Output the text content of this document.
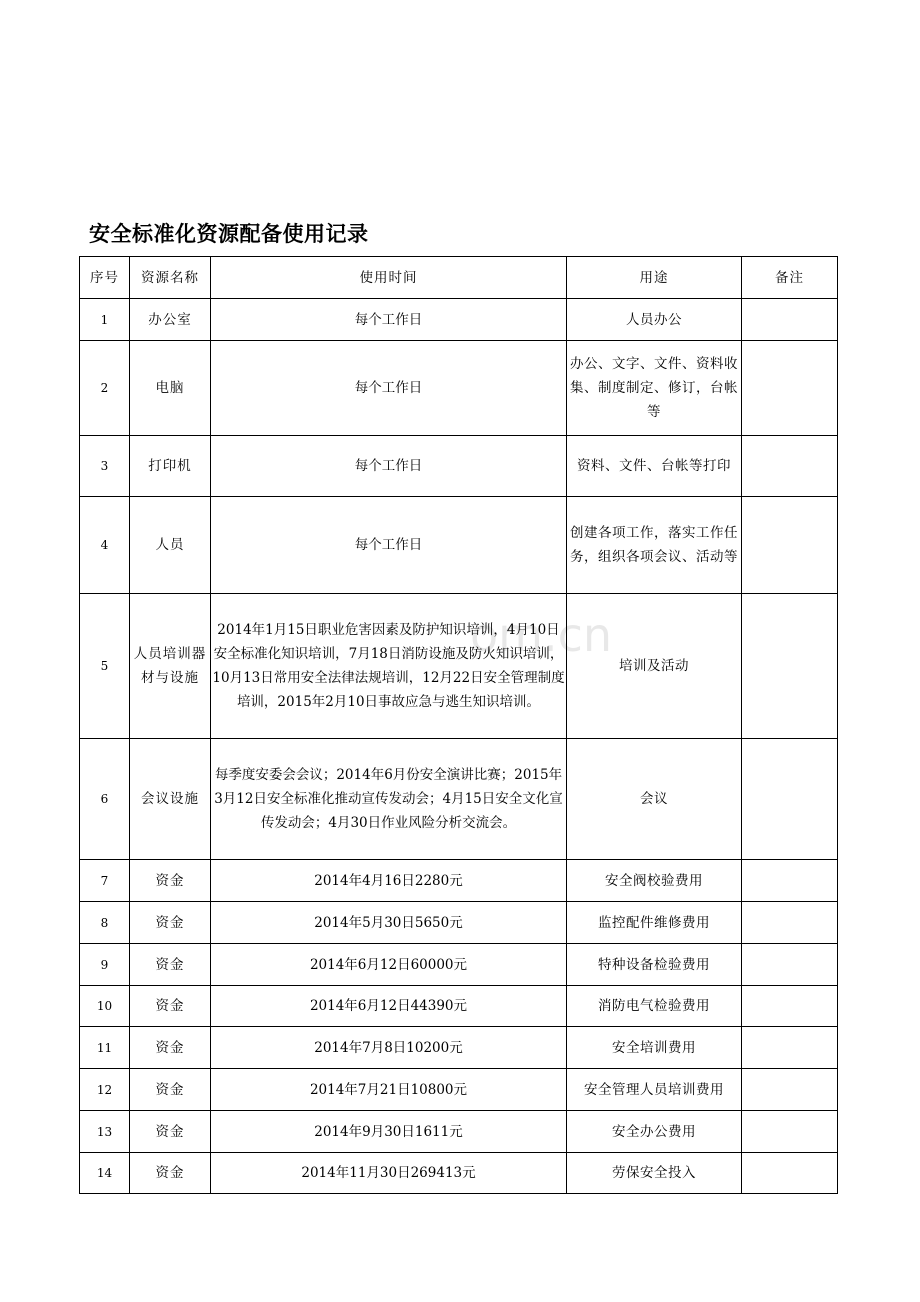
安全标准化资源配备使用记录
om.cn
序号	资源名称	使用时间	用途	备注
1	办公室	每个工作日	人员办公	
2	电脑	每个工作日	办公、文字、文件、资料收集、制度制定、修订，台帐等	
3	打印机	每个工作日	资料、文件、台帐等打印	
4	人员	每个工作日	创建各项工作，落实工作任务，组织各项会议、活动等	
5	人员培训器材与设施	2014年1月15日职业危害因素及防护知识培训，4月10日安全标准化知识培训，7月18日消防设施及防火知识培训，10月13日常用安全法律法规培训，12月22日安全管理制度培训，2015年2月10日事故应急与逃生知识培训。	培训及活动	
6	会议设施	每季度安委会会议；2014年6月份安全演讲比赛；2015年3月12日安全标准化推动宣传发动会；4月15日安全文化宣传发动会；4月30日作业风险分析交流会。	会议	
7	资金	2014年4月16日2280元	安全阀校验费用	
8	资金	2014年5月30日5650元	监控配件维修费用	
9	资金	2014年6月12日60000元	特种设备检验费用	
10	资金	2014年6月12日44390元	消防电气检验费用	
11	资金	2014年7月8日10200元	安全培训费用	
12	资金	2014年7月21日10800元	安全管理人员培训费用	
13	资金	2014年9月30日1611元	安全办公费用	
14	资金	2014年11月30日269413元	劳保安全投入	
